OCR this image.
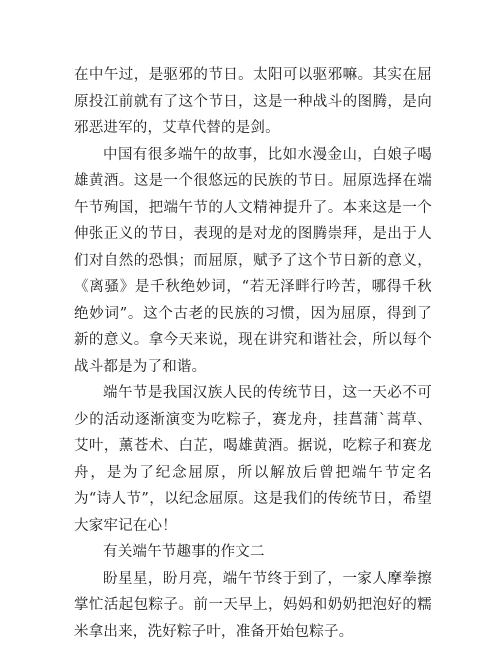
在中午过，是驱邪的节日。太阳可以驱邪嘛。其实在屈原投江前就有了这个节日，这是一种战斗的图腾，是向邪恶进军的，艾草代替的是剑。

中国有很多端午的故事，比如水漫金山，白娘子喝雄黄酒。这是一个很悠远的民族的节日。屈原选择在端午节殉国，把端午节的人文精神提升了。本来这是一个伸张正义的节日，表现的是对龙的图腾崇拜，是出于人们对自然的恐惧；而屈原，赋予了这个节日新的意义，《离骚》是千秋绝妙词，“若无泽畔行吟苦，哪得千秋绝妙词”。这个古老的民族的习惯，因为屈原，得到了新的意义。拿今天来说，现在讲究和谐社会，所以每个战斗都是为了和谐。

端午节是我国汉族人民的传统节日，这一天必不可少的活动逐渐演变为吃粽子，赛龙舟，挂菖蒲`蒿草、艾叶，薰苍术、白芷，喝雄黄酒。据说，吃粽子和赛龙舟，是为了纪念屈原，所以解放后曾把端午节定名为“诗人节”，以纪念屈原。这是我们的传统节日，希望大家牢记在心！

有关端午节趣事的作文二

盼星星，盼月亮，端午节终于到了，一家人摩拳擦掌忙活起包粽子。前一天早上，妈妈和奶奶把泡好的糯米拿出来，洗好粽子叶，准备开始包粽子。
